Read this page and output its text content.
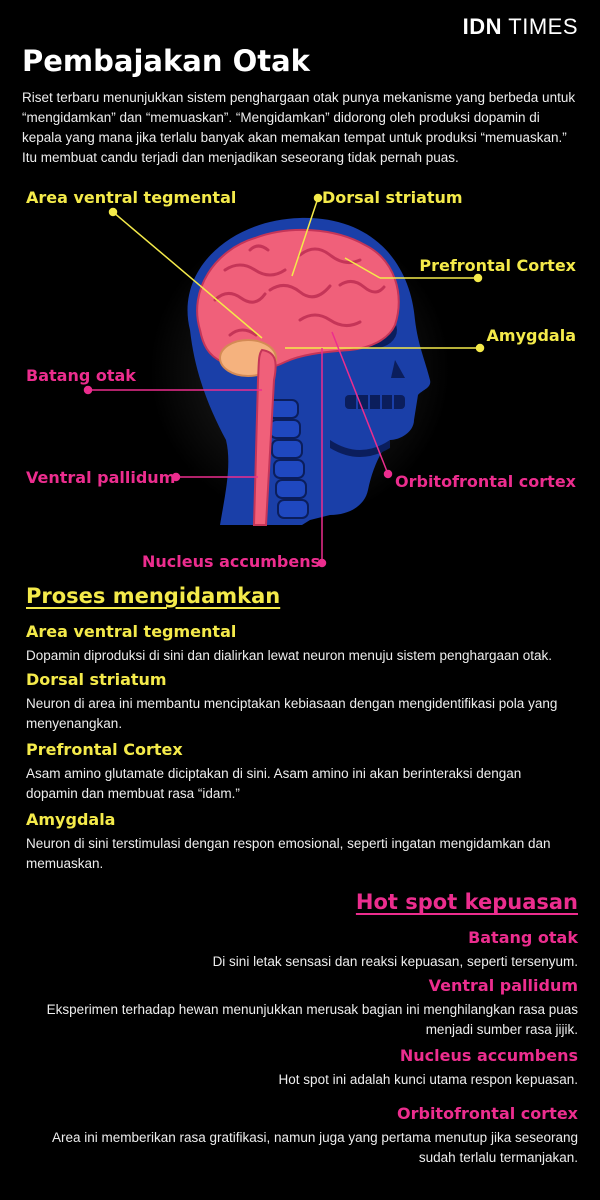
IDN TIMES
Pembajakan Otak
Riset terbaru menunjukkan sistem penghargaan otak punya mekanisme yang berbeda untuk “mengidamkan” dan “memuaskan”. “Mengidamkan” didorong oleh produksi dopamin di kepala yang mana jika terlalu banyak akan memakan tempat untuk produksi “memuaskan.” Itu membuat candu terjadi dan menjadikan seseorang tidak pernah puas.
Area ventral tegmental	Dorsal striatum
Prefrontal Cortex
Amygdala
Batang otak
Ventral pallidum	Orbitofrontal cortex
Nucleus accumbens
Proses mengidamkan
Area ventral tegmental
Dopamin diproduksi di sini dan dialirkan lewat neuron menuju sistem penghargaan otak.
Dorsal striatum
Neuron di area ini membantu menciptakan kebiasaan dengan mengidentifikasi pola yang menyenangkan.
Prefrontal Cortex
Asam amino glutamate diciptakan di sini. Asam amino ini akan berinteraksi dengan dopamin dan membuat rasa “idam.”
Amygdala
Neuron di sini terstimulasi dengan respon emosional, seperti ingatan mengidamkan dan memuaskan.
Hot spot kepuasan
Batang otak
Di sini letak sensasi dan reaksi kepuasan, seperti tersenyum.
Ventral pallidum
Eksperimen terhadap hewan menunjukkan merusak bagian ini menghilangkan rasa puas menjadi sumber rasa jijik.
Nucleus accumbens
Hot spot ini adalah kunci utama respon kepuasan.
Orbitofrontal cortex
Area ini memberikan rasa gratifikasi, namun juga yang pertama menutup jika seseorang sudah terlalu termanjakan.
